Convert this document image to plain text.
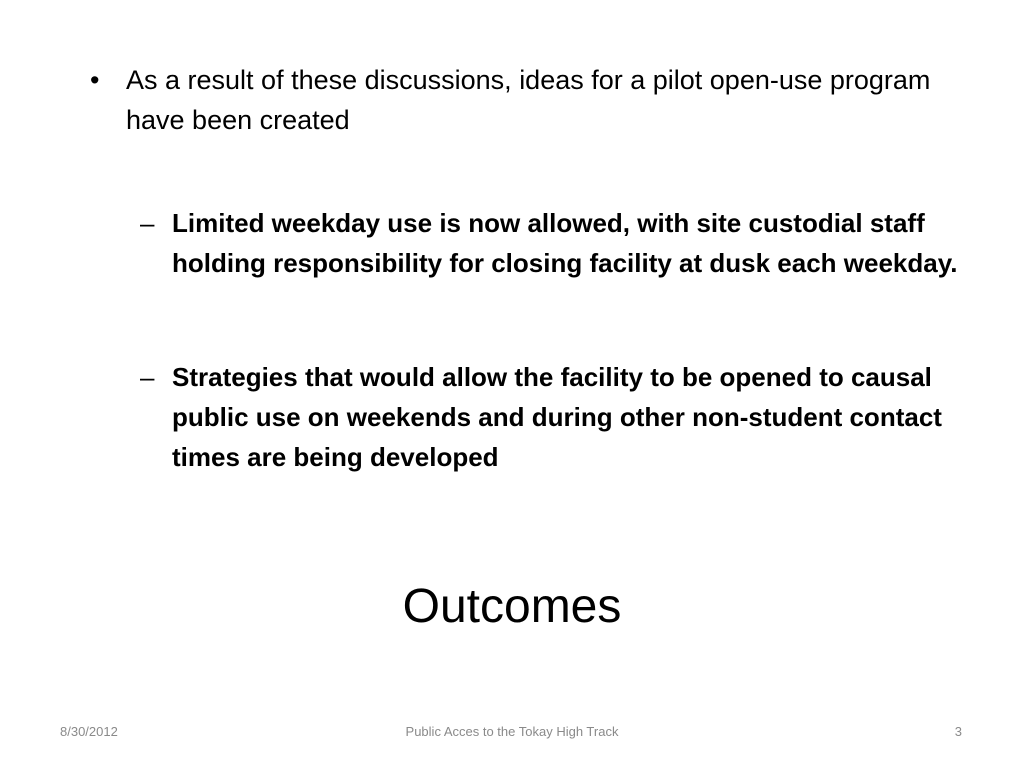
• As a result of these discussions, ideas for a pilot open-use program have been created
– Limited weekday use is now allowed, with site custodial staff holding responsibility for closing facility at dusk each weekday.
– Strategies that would allow the facility to be opened to causal public use on weekends and during other non-student contact times are being developed
Outcomes
8/30/2012	Public Acces to the Tokay High Track	3
